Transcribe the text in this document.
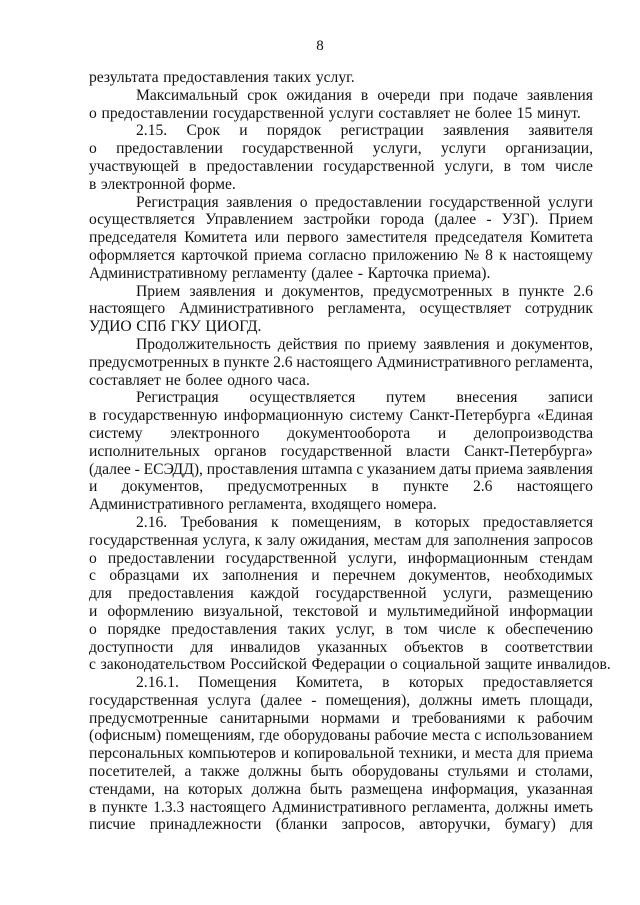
8
результата предоставления таких услуг.
Максимальный срок ожидания в очереди при подаче заявления
о предоставлении государственной услуги составляет не более 15 минут.
2.15. Срок и порядок регистрации заявления заявителя
о предоставлении государственной услуги, услуги организации,
участвующей в предоставлении государственной услуги, в том числе
в электронной форме.
Регистрация заявления о предоставлении государственной услуги
осуществляется Управлением застройки города (далее - УЗГ). Прием
председателя Комитета или первого заместителя председателя Комитета
оформляется карточкой приема согласно приложению № 8 к настоящему
Административному регламенту (далее - Карточка приема).
Прием заявления и документов, предусмотренных в пункте 2.6
настоящего Административного регламента, осуществляет сотрудник
УДИО СПб ГКУ ЦИОГД.
Продолжительность действия по приему заявления и документов,
предусмотренных в пункте 2.6 настоящего Административного регламента,
составляет не более одного часа.
Регистрация осуществляется путем внесения записи
в государственную информационную систему Санкт-Петербурга «Единая
систему электронного документооборота и делопроизводства
исполнительных органов государственной власти Санкт-Петербурга»
(далее - ЕСЭДД), проставления штампа с указанием даты приема заявления
и документов, предусмотренных в пункте 2.6 настоящего
Административного регламента, входящего номера.
2.16. Требования к помещениям, в которых предоставляется
государственная услуга, к залу ожидания, местам для заполнения запросов
о предоставлении государственной услуги, информационным стендам
с образцами их заполнения и перечнем документов, необходимых
для предоставления каждой государственной услуги, размещению
и оформлению визуальной, текстовой и мультимедийной информации
о порядке предоставления таких услуг, в том числе к обеспечению
доступности для инвалидов указанных объектов в соответствии
с законодательством Российской Федерации о социальной защите инвалидов.
2.16.1. Помещения Комитета, в которых предоставляется
государственная услуга (далее - помещения), должны иметь площади,
предусмотренные санитарными нормами и требованиями к рабочим
(офисным) помещениям, где оборудованы рабочие места с использованием
персональных компьютеров и копировальной техники, и места для приема
посетителей, а также должны быть оборудованы стульями и столами,
стендами, на которых должна быть размещена информация, указанная
в пункте 1.3.3 настоящего Административного регламента, должны иметь
писчие принадлежности (бланки запросов, авторучки, бумагу) для
